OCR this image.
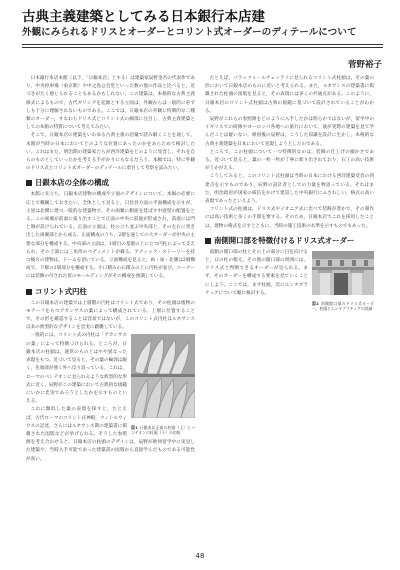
古典主義建築としてみる日本銀行本店建
外観にみられるドリスとオーダーとコリント式オーダーのディテールについて
菅野裕子

日本銀行本店本館（以下，「日銀本店」とする）は建築家辰野金吾の代表作であり，中央停車場（東京駅）や中之島公会堂といった数の他の作品と比べると，近づきがたく感じられることもあるかもしれない。この建築は，本格的な古典主義様式によるもので，古代ギリシアを起源とする立面は，外観からは一般的に必ずしも十分に理解されないものである。ここでは，日銀本店の外観に特徴的な二種類のオーダー，すなわちドリス式とコリント式の細部に注目し，古典主義建築としての本館の特質について考えてみたい。

そこで，日銀本店の建築をいわゆる古典主義の語彙で読み解くことを通して，本館が当時の日本においてどのような位置にあったのかをあらためて検討したい。これはまた，明治期の建築家たちが西洋建築をどのように受容し，それを自らのものとしていったかを考える手がかりにもなるだろう。本稿では，特に外観のドリス式とコリント式オーダーのディテールに着目して考察を試みたい。

日銀本店の全体の構成

本館に先立ち，日銀本店建物の構成や立面のデザインについて，本稿の必要に応じて概観しておきたい。全体として見ると，日比谷方面の平面構成を示すが，主屋は北側に建つ一般的な建築物で，その両翼に側面を延ばす中庭型の配置をとる。この両翼が前面に張り出すことで正面の中央に前庭が形成され，前庭には門と塀が設けられている。正面の立面は，柱の立ち並ぶ中央部と，その左右に突き出した両翼部とから成る。正面構成のうち，2層を通しての大オーダーが中央の主要な部分を構成する。中央部の立面は，1層目の基壇の上に立つ円柱によって支えられ，その上部には三角形のペディメントが載る。アティック・ストーリーを持つ後方の建物は，ドームを頂いている。立面構成を見ると，両・東・北側は2層構成で，下層の1層部分を構成する。小口積みの石積みの上に円柱が並び，コーナーには装飾の付された窓のモールディングがその構成を強調している。

コリント式円柱

この日銀本店の建築では上層階の円柱はコリント式であり，その柱頭は植物のモチーフをもつアカンサスの葉によって構成されている。上層に位置することで，その形を確認することは容易ではないが，このコリント式円柱はルネサンス以来の典型的なデザインを忠実に踏襲している。

図1 日銀本店正面の柱頭（上）とパンテオンの柱頭（下）の比較

一般的には，コリント式の円柱は「アカンサスの葉」によって特徴づけられる。ところが，日銀本店の柱頭は，通常のものとはやや異なった表現をもつ。近づいて見ると，その葉の輪郭は鋭く，先端部が強く外へ反り返っている。これは，ローマのパンテオンに見られるような典型的な形式に近く，辰野がこの建築において古典的な規範にいかに忠実であろうとしたかを示すものといえる。

これに類似した葉の表現を探すと，たとえば，古代ローマのコリント式神殿，ウィトルウィウスの記述，さらにはルネサンス期の建築書に掲載された図版などが挙げられる。そうした参照源を考え合わせると，日銀本店の柱頭のデザインは，辰野が欧州留学中に実見した建築や，当時入手可能であった建築書の図版から直接学んだものである可能性が高い。

たとえば，パラッツォ・ルチェッライに見られるコリント式柱頭は，その葉の形において日銀本店のものに近いと考えられる。また，ルネサンスの建築書に掲載された柱頭の図版を見ると，その表現には多くの共通点がある。このように，日銀本店のコリント式柱頭は古典の規範に基づいて設計されていることがわかる。

辰野がこれらの参照源をどのように入手したかは明らかではないが，留学中のイギリスでの研修やヨーロッパ各地への旅行において，彼が実際の建築を見て学んだことは疑いない。帰国後の辰野は，こうした知識を設計に生かし，本格的な古典主義建築を日本において実現しようとしたのである。

ところで，この柱頭について一つ特徴的なのは，装飾の仕上げの細かさである。近づいて見ると，葉の一枚一枚が丁寧に彫り出されており，石工の高い技術がうかがえる。

こうしてみると，このコリント式柱頭は当時の日本における西洋建築受容の到達点を示すものであり，辰野の設計者としての力量を物語っている。それはまた，明治政府が国家の威信をかけて建設した中央銀行にふさわしい，格式の高い表現であったといえよう。

コリント式の柱頭は，ドリス式やイオニア式に比べて装飾が豊かで，その制作には高い技術と多くの手間を要する。そのため，日銀本店でこれを採用したことは，建物の格式を示すとともに，当時の施工技術の水準を示すものでもあった。

南側開口部を特徴付けるドリス式オーダー
図2 南側開口部のドリス式オーダー，柱頭とエンタブラチュアの詳細

南側の開口部の柱とその上の部分に目を向けると，日の柱の根元，その他の開口部の周囲には，ドリス式と判断できるオーダーが見られる。まず，そのオーダーを構成する要素を見ていくことにしよう。ここでは，まず柱頭，次にエンタブラチュアについて順に検討する。

48
